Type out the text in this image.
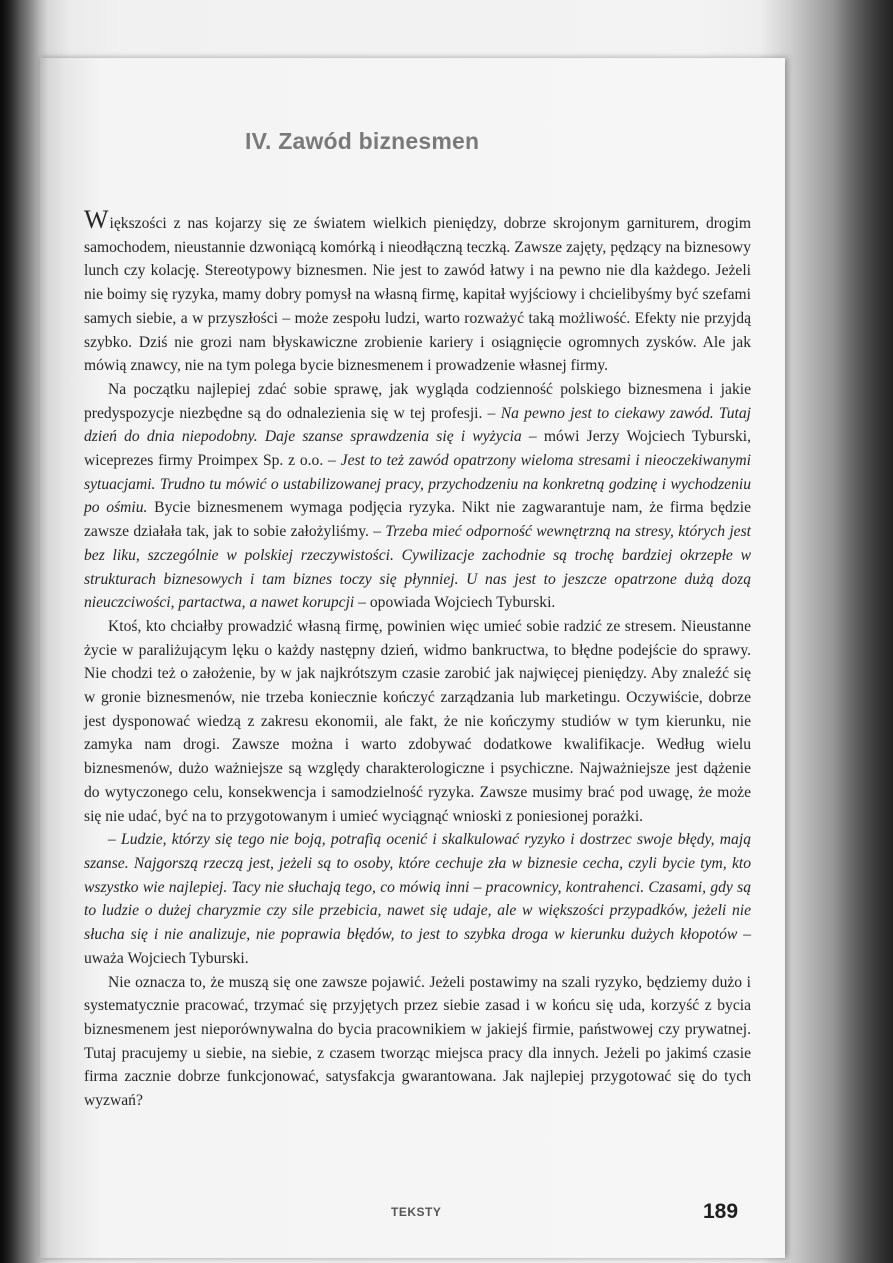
IV. Zawód biznesmen

Większości z nas kojarzy się ze światem wielkich pieniędzy, dobrze skrojonym garniturem, drogim samochodem, nieustannie dzwoniącą komórką i nieodłączną teczką. Zawsze zajęty, pędzący na biznesowy lunch czy kolację. Stereotypowy biznesmen. Nie jest to zawód łatwy i na pewno nie dla każdego. Jeżeli nie boimy się ryzyka, mamy dobry pomysł na własną firmę, kapitał wyjściowy i chcielibyśmy być szefami samych siebie, a w przyszłości – może zespołu ludzi, warto rozważyć taką możliwość. Efekty nie przyjdą szybko. Dziś nie grozi nam błyskawiczne zrobienie kariery i osiągnięcie ogromnych zysków. Ale jak mówią znawcy, nie na tym polega bycie biznesmenem i prowadzenie własnej firmy.

Na początku najlepiej zdać sobie sprawę, jak wygląda codzienność polskiego biznesmena i jakie predyspozycje niezbędne są do odnalezienia się w tej profesji. – Na pewno jest to ciekawy zawód. Tutaj dzień do dnia niepodobny. Daje szanse sprawdzenia się i wyżycia – mówi Jerzy Wojciech Tyburski, wiceprezes firmy Proimpex Sp. z o.o. – Jest to też zawód opatrzony wieloma stresami i nieoczekiwanymi sytuacjami. Trudno tu mówić o ustabilizowanej pracy, przychodzeniu na konkretną godzinę i wychodzeniu po ośmiu. Bycie biznesmenem wymaga podjęcia ryzyka. Nikt nie zagwarantuje nam, że firma będzie zawsze działała tak, jak to sobie założyliśmy. – Trzeba mieć odporność wewnętrzną na stresy, których jest bez liku, szczególnie w polskiej rzeczywistości. Cywilizacje zachodnie są trochę bardziej okrzepłe w strukturach biznesowych i tam biznes toczy się płynniej. U nas jest to jeszcze opatrzone dużą dozą nieuczciwości, partactwa, a nawet korupcji – opowiada Wojciech Tyburski.

Ktoś, kto chciałby prowadzić własną firmę, powinien więc umieć sobie radzić ze stresem. Nieustanne życie w paraliżującym lęku o każdy następny dzień, widmo bankructwa, to błędne podejście do sprawy. Nie chodzi też o założenie, by w jak najkrótszym czasie zarobić jak najwięcej pieniędzy. Aby znaleźć się w gronie biznesmenów, nie trzeba koniecznie kończyć zarządzania lub marketingu. Oczywiście, dobrze jest dysponować wiedzą z zakresu ekonomii, ale fakt, że nie kończymy studiów w tym kierunku, nie zamyka nam drogi. Zawsze można i warto zdobywać dodatkowe kwalifikacje. Według wielu biznesmenów, dużo ważniejsze są względy charakterologiczne i psychiczne. Najważniejsze jest dążenie do wytyczonego celu, konsekwencja i samodzielność ryzyka. Zawsze musimy brać pod uwagę, że może się nie udać, być na to przygotowanym i umieć wyciągnąć wnioski z poniesionej porażki.

– Ludzie, którzy się tego nie boją, potrafią ocenić i skalkulować ryzyko i dostrzec swoje błędy, mają szanse. Najgorszą rzeczą jest, jeżeli są to osoby, które cechuje zła w biznesie cecha, czyli bycie tym, kto wszystko wie najlepiej. Tacy nie słuchają tego, co mówią inni – pracownicy, kontrahenci. Czasami, gdy są to ludzie o dużej charyzmie czy sile przebicia, nawet się udaje, ale w większości przypadków, jeżeli nie słucha się i nie analizuje, nie poprawia błędów, to jest to szybka droga w kierunku dużych kłopotów – uważa Wojciech Tyburski.

Nie oznacza to, że muszą się one zawsze pojawić. Jeżeli postawimy na szali ryzyko, będziemy dużo i systematycznie pracować, trzymać się przyjętych przez siebie zasad i w końcu się uda, korzyść z bycia biznesmenem jest nieporównywalna do bycia pracownikiem w jakiejś firmie, państwowej czy prywatnej. Tutaj pracujemy u siebie, na siebie, z czasem tworząc miejsca pracy dla innych. Jeżeli po jakimś czasie firma zacznie dobrze funkcjonować, satysfakcja gwarantowana. Jak najlepiej przygotować się do tych wyzwań?

TEKSTY	189
